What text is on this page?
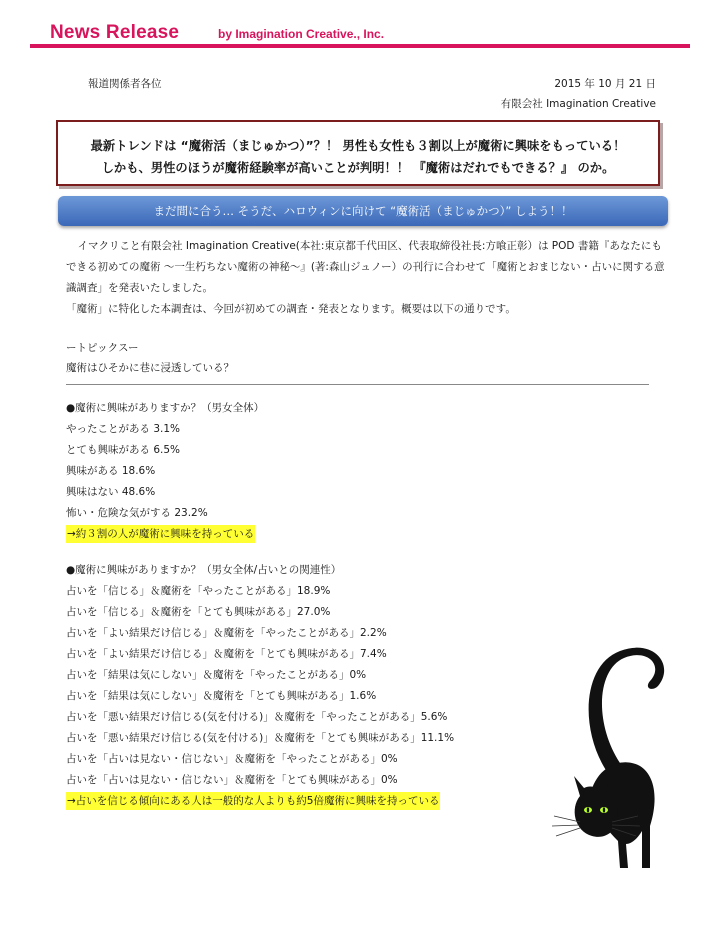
News Release	by Imagination Creative., Inc.
報道関係者各位	2015 年 10 月 21 日
有限会社 Imagination Creative
最新トレンドは “魔術活（まじゅかつ）”？！ 男性も女性も３割以上が魔術に興味をもっている！
しかも、男性のほうが魔術経験率が高いことが判明！！ 『魔術はだれでもできる？』 のか。
まだ間に合う… そうだ、ハロウィンに向けて “魔術活（まじゅかつ）” しよう！！

イマクリこと有限会社 Imagination Creative(本社:東京都千代田区、代表取締役社長:方喰正彰）は POD 書籍『あなたにもできる初めての魔術 ～一生朽ちない魔術の神秘～』(著:森山ジュノー）の刊行に合わせて「魔術とおまじない・占いに関する意識調査」を発表いたしました。

「魔術」に特化した本調査は、今回が初めての調査・発表となります。概要は以下の通りです。

ートピックスー
魔術はひそかに巷に浸透している？
●魔術に興味がありますか？（男女全体）
やったことがある 3.1%
とても興味がある 6.5%
興味がある 18.6%
興味はない 48.6%
怖い・危険な気がする 23.2%
→約３割の人が魔術に興味を持っている
●魔術に興味がありますか？（男女全体/占いとの関連性）
占いを「信じる」＆魔術を「やったことがある」18.9%
占いを「信じる」＆魔術を「とても興味がある」27.0%
占いを「よい結果だけ信じる」＆魔術を「やったことがある」2.2%
占いを「よい結果だけ信じる」＆魔術を「とても興味がある」7.4%
占いを「結果は気にしない」＆魔術を「やったことがある」0%
占いを「結果は気にしない」＆魔術を「とても興味がある」1.6%
占いを「悪い結果だけ信じる(気を付ける)」＆魔術を「やったことがある」5.6%
占いを「悪い結果だけ信じる(気を付ける)」＆魔術を「とても興味がある」11.1%
占いを「占いは見ない・信じない」＆魔術を「やったことがある」0%
占いを「占いは見ない・信じない」＆魔術を「とても興味がある」0%
→占いを信じる傾向にある人は一般的な人よりも約5倍魔術に興味を持っている
